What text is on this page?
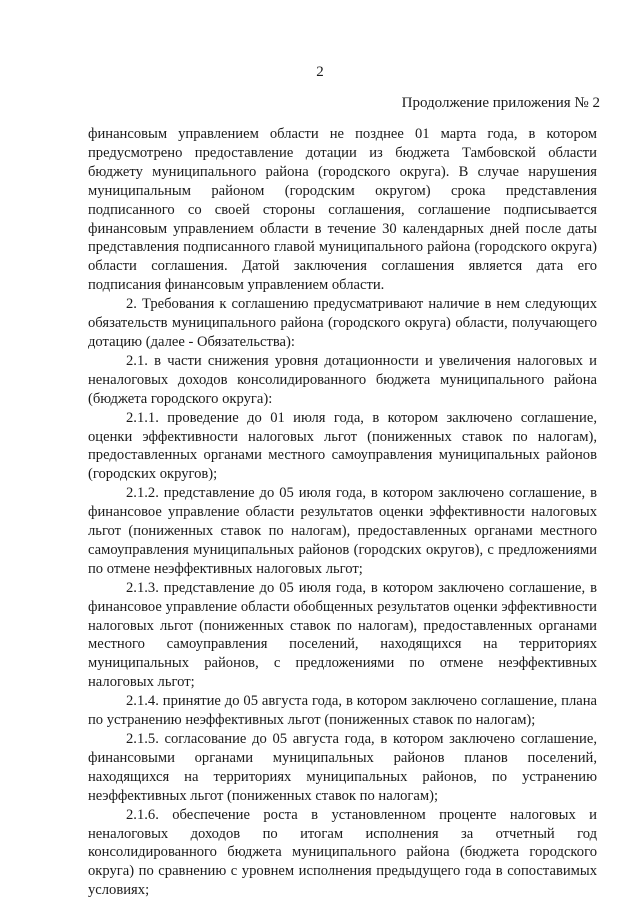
2
Продолжение приложения № 2

финансовым управлением области не позднее 01 марта года, в котором предусмотрено предоставление дотации из бюджета Тамбовской области бюджету муниципального района (городского округа). В случае нарушения муниципальным районом (городским округом) срока представления подписанного со своей стороны соглашения, соглашение подписывается финансовым управлением области в течение 30 календарных дней после даты представления подписанного главой муниципального района (городского округа) области соглашения. Датой заключения соглашения является дата его подписания финансовым управлением области.

2. Требования к соглашению предусматривают наличие в нем следующих обязательств муниципального района (городского округа) области, получающего дотацию (далее - Обязательства):

2.1. в части снижения уровня дотационности и увеличения налоговых и неналоговых доходов консолидированного бюджета муниципального района (бюджета городского округа):

2.1.1. проведение до 01 июля года, в котором заключено соглашение, оценки эффективности налоговых льгот (пониженных ставок по налогам), предоставленных органами местного самоуправления муниципальных районов (городских округов);

2.1.2. представление до 05 июля года, в котором заключено соглашение, в финансовое управление области результатов оценки эффективности налоговых льгот (пониженных ставок по налогам), предоставленных органами местного самоуправления муниципальных районов (городских округов), с предложениями по отмене неэффективных налоговых льгот;

2.1.3. представление до 05 июля года, в котором заключено соглашение, в финансовое управление области обобщенных результатов оценки эффективности налоговых льгот (пониженных ставок по налогам), предоставленных органами местного самоуправления поселений, находящихся на территориях муниципальных районов, с предложениями по отмене неэффективных налоговых льгот;

2.1.4. принятие до 05 августа года, в котором заключено соглашение, плана по устранению неэффективных льгот (пониженных ставок по налогам);

2.1.5. согласование до 05 августа года, в котором заключено соглашение, финансовыми органами муниципальных районов планов поселений, находящихся на территориях муниципальных районов, по устранению неэффективных льгот (пониженных ставок по налогам);

2.1.6. обеспечение роста в установленном проценте налоговых и неналоговых доходов по итогам исполнения за отчетный год консолидированного бюджета муниципального района (бюджета городского округа) по сравнению с уровнем исполнения предыдущего года в сопоставимых условиях;
